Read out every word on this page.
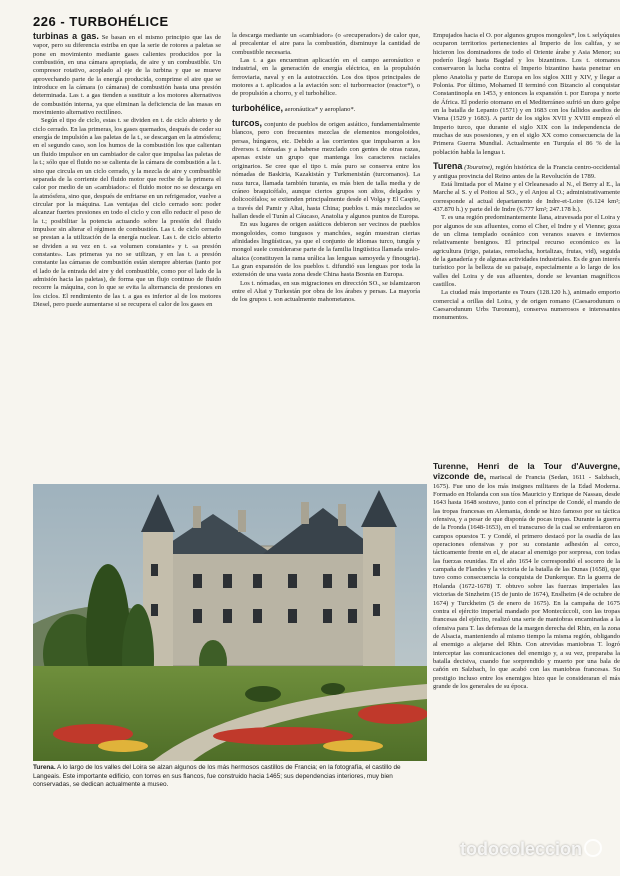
226 - TURBOHÉLICE

turbinas a gas. Se basan en el mismo principio que las de vapor, pero su diferencia estriba en que la serie de rotores a paletas se pone en movimiento mediante gases calientes producidos por la combustión, en una cámara apropiada, de aire y un combustible. Un compresor rotativo, acoplado al eje de la turbina y que se mueve aprovechando parte de la energía producida, comprime el aire que se introduce en la cámara (o cámaras) de combustión hasta una presión determinada. Las t. a gas tienden a sustituir a los motores alternativos de combustión interna, ya que eliminan la deficiencia de las masas en movimiento alternativo rectilíneo.

Según el tipo de ciclo, estas t. se dividen en t. de ciclo abierto y de ciclo cerrado. En las primeras, los gases quemados, después de ceder su energía de impulsión a las paletas de la t., se descargan en la atmósfera; en el segundo caso, son los humos de la combustión los que calientan un fluido impulsor en un cambiador de calor que impulsa las paletas de la t.; sólo que el fluido no se calienta de la cámara de combustión a la t. sino que circula en un ciclo cerrado, y la mezcla de aire y combustible separada de la corriente del fluido motor que recibe de la primera el calor por medio de un «cambiador»: el fluido motor no se descarga en la atmósfera, sino que, después de enfriarse en un refrigerador, vuelve a circular por la máquina. Las ventajas del ciclo cerrado son: poder alcanzar fuertes presiones en todo el ciclo y con ello reducir el peso de la t.; posibilitar la potencia actuando sobre la presión del fluido impulsor sin alterar el régimen de combustión. Las t. de ciclo cerrado se prestan a la utilización de la energía nuclear. Las t. de ciclo abierto se dividen a su vez en t. «a volumen constante» y t. «a presión constante». Las primeras ya no se utilizan, y en las t. a presión constante las cámaras de combustión están siempre abiertas (tanto por el lado de la entrada del aire y del combustible, como por el lado de la admisión hacia las paletas), de forma que un flujo continuo de fluido recorre la máquina, con lo que se evita la alternancia de presiones en los ciclos. El rendimiento de las t. a gas es inferior al de los motores Diesel, pero puede aumentarse si se recupera el calor de los gases en

la descarga mediante un «cambiador» (o «recuperador») de calor que, al precalentar el aire para la combustión, disminuye la cantidad de combustible necesaria.

Las t. a gas encuentran aplicación en el campo aeronáutico e industrial, en la generación de energía eléctrica, en la propulsión ferroviaria, naval y en la autotracción. Los dos tipos principales de motores a t. aplicados a la aviación son: el turborreactor (reactor*), o de propulsión a chorro, y el turbohélice.

turbohélice, aeronáutica* y aeroplano*.

turcos, conjunto de pueblos de origen asiático, fundamentalmente blancos, pero con frecuentes mezclas de elementos mongoloides, persas, húngaros, etc. Debido a las corrientes que impulsaron a los diversos t. nómadas y a haberse mezclado con gentes de otras razas, apenas existe un grupo que mantenga los caracteres raciales originarios. Se cree que el tipo t. más puro se conserva entre los nómadas de Baskiria, Kazakistán y Turkmenistán (turcomanos). La raza turca, llamada también turania, es más bien de talla media y de cráneo braquicéfalo, aunque ciertos grupos son altos, delgados y dolicocéfalos; se extienden principalmente desde el Volga y El Caspio, a través del Pamir y Altai, hasta China; pueblos t. más mezclados se hallan desde el Turán al Cáucaso, Anatolia y algunos puntos de Europa.

En sus lugares de origen asiáticos debieron ser vecinos de pueblos mongoloides, como tungusos y manchúes, según muestran ciertas afinidades lingüísticas, ya que el conjunto de idiomas turco, tungús y mongol suele considerarse parte de la familia lingüística llamada uralo-altaica (constituyen la rama urálica las lenguas samoyeda y finougria). La gran expansión de los pueblos t. difundió sus lenguas por toda la extensión de una vasta zona desde China hasta Bosnia en Europa.

Los t. nómadas, en sus migraciones en dirección SO., se islamizaron entre el Altai y Turkestán por obra de los árabes y persas. La mayoría de los grupos t. son actualmente mahometanos.

Empujados hacia el O. por algunos grupos mongoles*, los t. selyúquies ocuparon territorios pertenecientes al Imperio de los califas, y se hicieron los dominadores de todo el Oriente árabe y Asia Menor; su poderío llegó hasta Bagdad y los bizantinos. Los t. otomanos conservaron la lucha contra el Imperio bizantino hasta penetrar en pleno Anatolia y parte de Europa en los siglos XIII y XIV, y llegar a Polonia. Por último, Mohamed II terminó con Bizancio al conquistar Constantinopla en 1453, y entonces la expansión t. por Europa y norte de África. El poderío otomano en el Mediterráneo sufrió un duro golpe en la batalla de Lepanto (1571) y en 1683 con los fallidos asedios de Viena (1529 y 1683). A partir de los siglos XVII y XVIII empezó el Imperio turco, que durante el siglo XIX con la independencia de muchas de sus posesiones, y en el siglo XX como consecuencia de la Primera Guerra Mundial. Actualmente en Turquía el 86 % de la población habla la lengua t.

Turena (Touraine), región histórica de la Francia centro-occidental y antigua provincia del Reino antes de la Revolución de 1789.

Está limitada por el Maine y el Orleanesado al N., el Berry al E., la Marche al S. y el Poitou al SO., y el Anjou al O.; administrativamente corresponde al actual departamento de Indre-et-Loire (6.124 km²; 437.870 h.) y parte del de Indre (6.777 km²; 247.178 h.).

T. es una región predominantemente llana, atravesada por el Loira y por algunos de sus afluentes, como el Cher, el Indre y el Vienne; goza de un clima templado oceánico con veranos suaves e inviernos relativamente benignos. El principal recurso económico es la agricultura (trigo, patatas, remolacha, hortalizas, frutas, vid), seguida de la ganadería y de algunas actividades industriales. Es de gran interés turístico por la belleza de su paisaje, especialmente a lo largo de los valles del Loira y de sus afluentes, donde se levantan magníficos castillos.

La ciudad más importante es Tours (128.120 h.), animado emporio comercial a orillas del Loira, y de origen romano (Caesarodunum o Caesarodunum Urbs Turonum), conserva numerosos e interesantes monumentos.

Turenne, Henri de la Tour d'Auvergne, vizconde de, mariscal de Francia (Sedan, 1611 - Salzbach, 1675). Fue uno de los más insignes militares de la Edad Moderna. Formado en Holanda con sus tíos Mauricio y Enrique de Nassau, desde 1643 hasta 1648 sostuvo, junto con el príncipe de Condé, el mando de las tropas francesas en Alemania, donde se hizo famoso por su táctica ofensiva, y a pesar de que disponía de pocas tropas. Durante la guerra de la Fronda (1648-1653), en el transcurso de la cual se enfrentaron en campos opuestos T. y Condé, el primero destacó por la osadía de las operaciones ofensivas y por su constante adhesión al cerco, tácticamente frente en el, de atacar al enemigo por sorpresa, con todas las fuerzas reunidas. En el año 1654 le correspondió el socorro de la campaña de Flandes y la victoria de la batalla de las Dunas (1658), que tuvo como consecuencia la conquista de Dunkerque. En la guerra de Holanda (1672-1678) T. obtuvo sobre las fuerzas imperiales las victorias de Sinzheim (15 de junio de 1674), Enslheim (4 de octubre de 1674) y Turckheim (5 de enero de 1675). En la campaña de 1675 contra el ejército imperial mandado por Montecúccoli, con las tropas francesas del ejército, realizó una serie de maniobras encaminadas a la ofensiva para T. las defensas de la margen derecha del Rhin, en la zona de Alsacia, manteniendo al mismo tiempo la misma región, obligando al enemigo a alejarse del Rhin. Con atrevidas maniobras T. logró interceptar las comunicaciones del enemigo y, a su vez, preparaba la batalla decisiva, cuando fue sorprendido y muerto por una bala de cañón en Salzbach, lo que acabó con las maniobras francesas. Su prestigio incluso entre los enemigos hizo que le consideraran el más grande de los generales de su época.

Turena. A lo largo de los valles del Loira se alzan algunos de los más hermosos castillos de Francia; en la fotografía, el castillo de Langeais. Este importante edificio, con torres en sus flancos, fue construido hacia 1465; sus dependencias interiores, muy bien conservadas, se dedican actualmente a museo.
todocoleccion
